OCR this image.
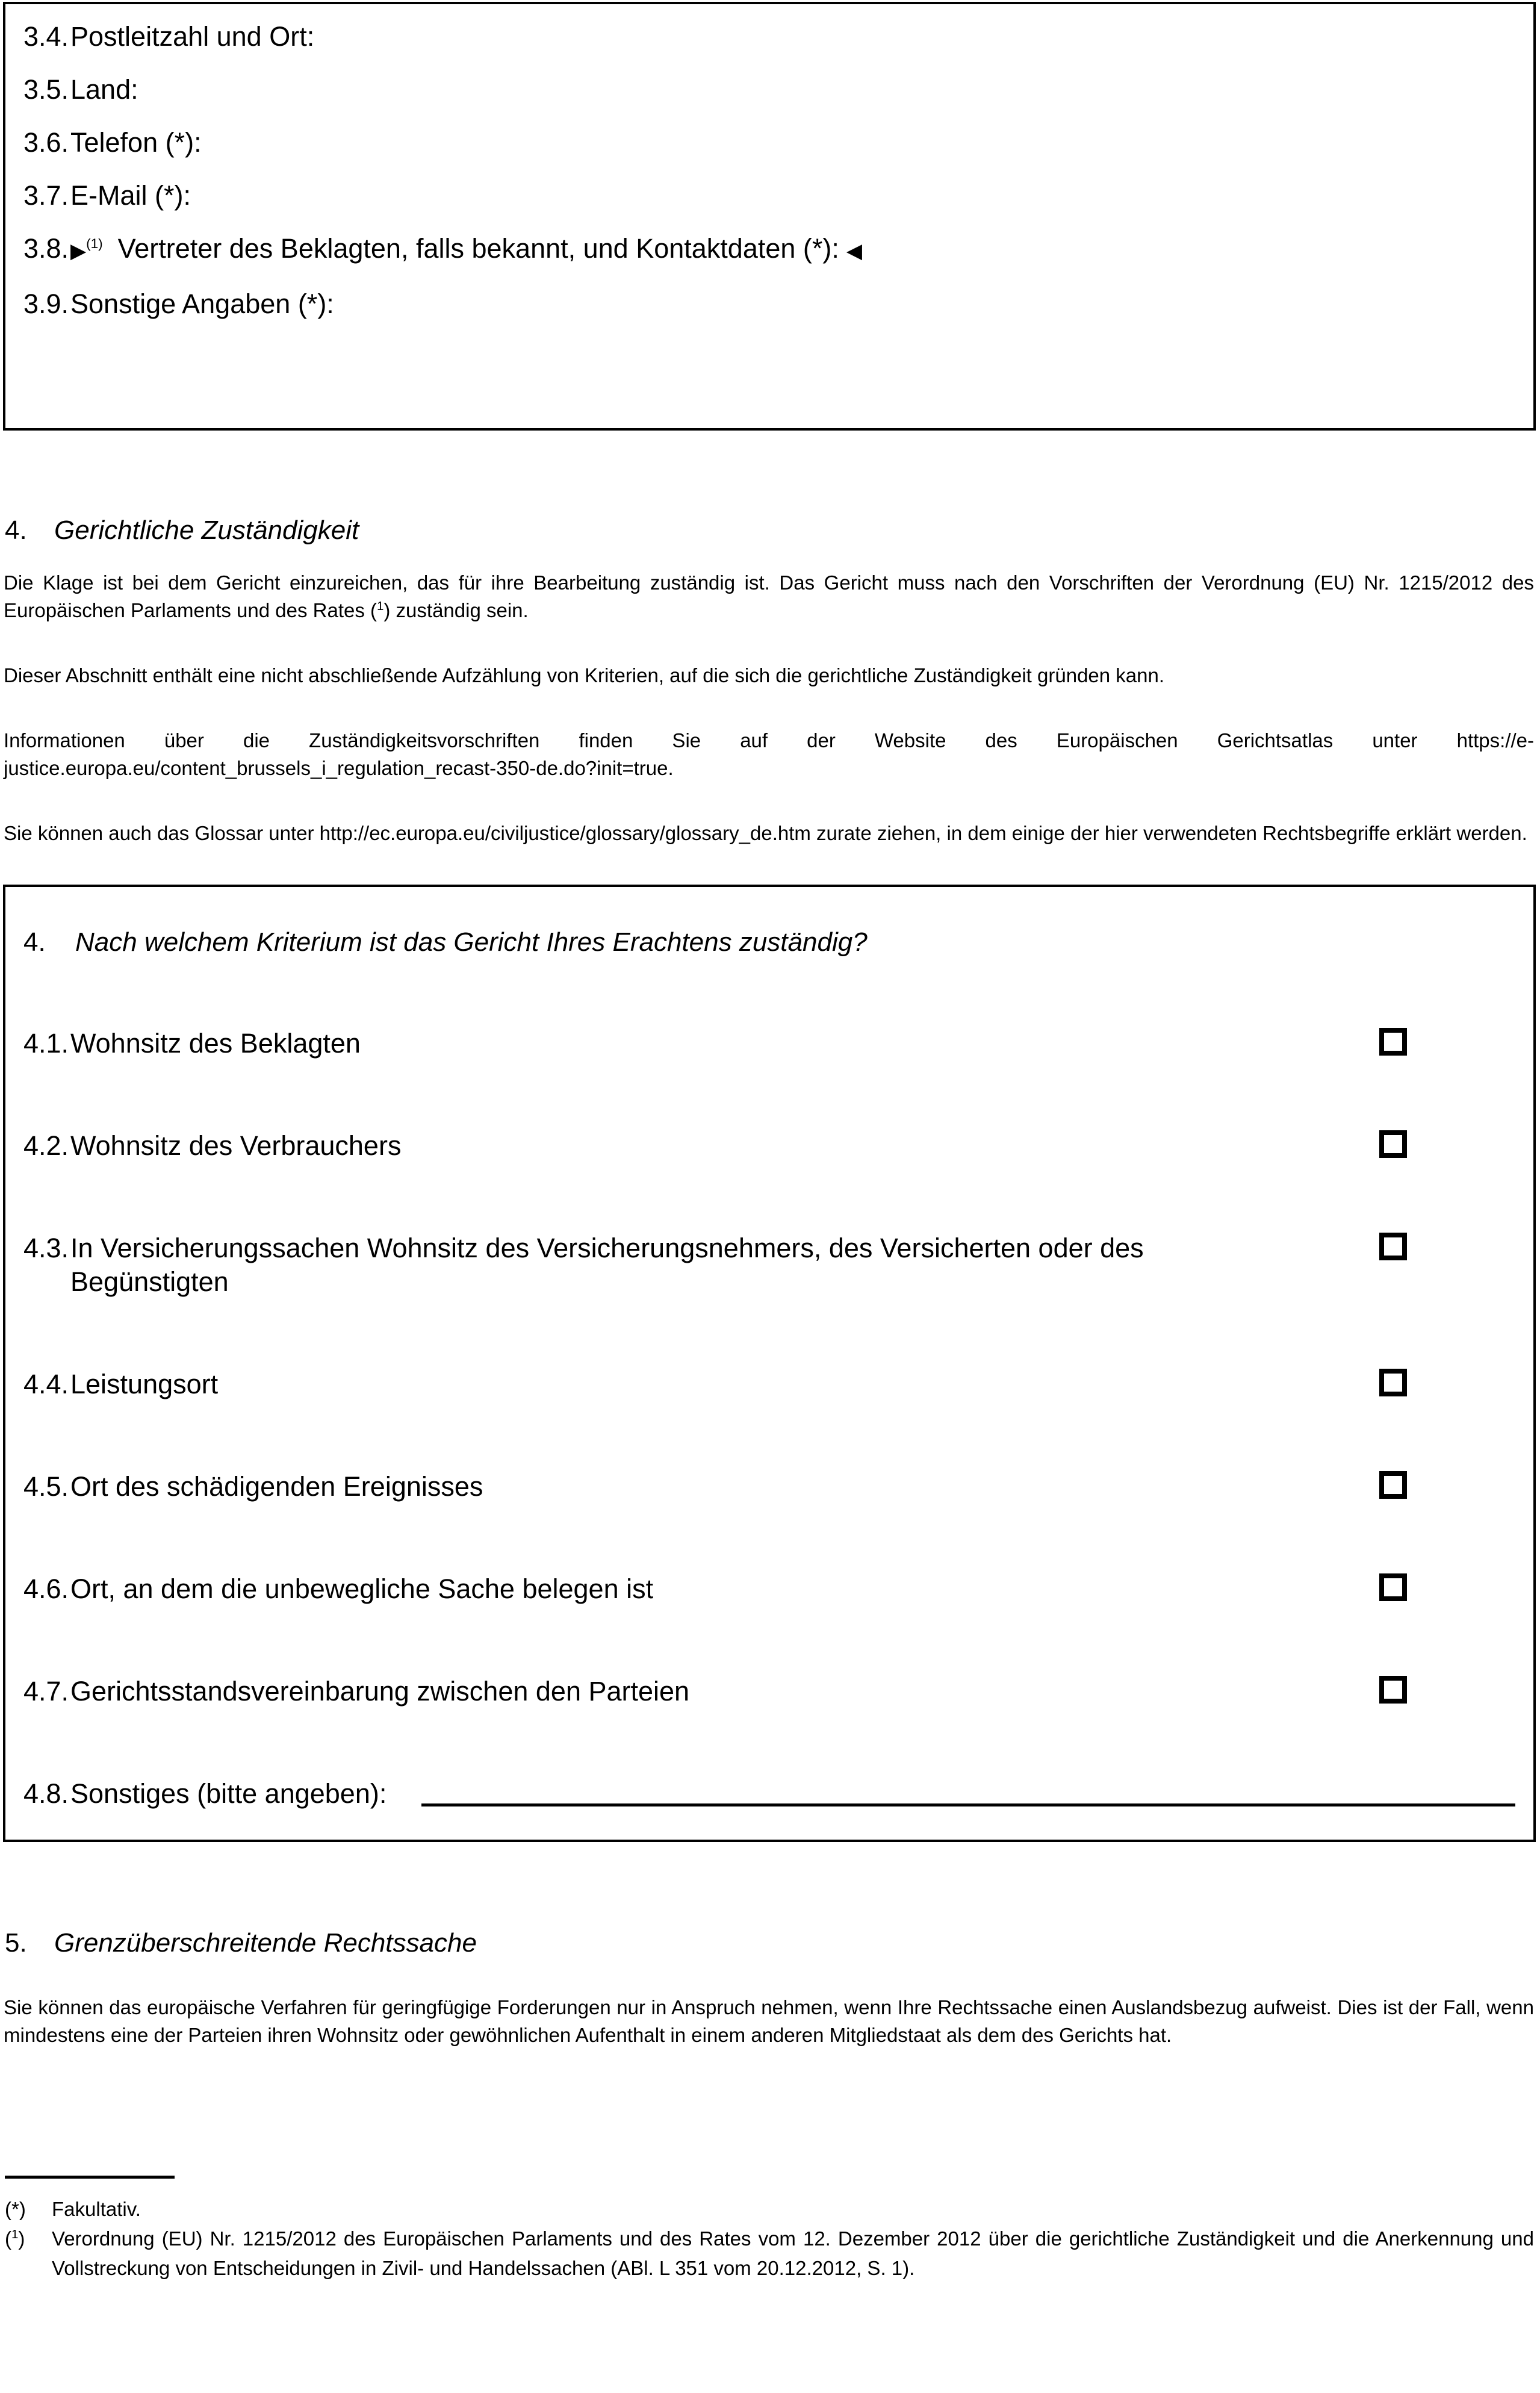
3.4. Postleitzahl und Ort:
3.5. Land:
3.6. Telefon (*):
3.7. E-Mail (*):
3.8. ▶$^{(1)}$ Vertreter des Beklagten, falls bekannt, und Kontaktdaten (*): ◀
3.9. Sonstige Angaben (*):
4.	Gerichtliche Zuständigkeit

Die Klage ist bei dem Gericht einzureichen, das für ihre Bearbeitung zuständig ist. Das Gericht muss nach den Vorschriften der Verordnung (EU) Nr. 1215/2012 des Europäischen Parlaments und des Rates ($^1$) zuständig sein.

Dieser Abschnitt enthält eine nicht abschließende Aufzählung von Kriterien, auf die sich die gerichtliche Zuständigkeit gründen kann.

Informationen über die Zuständigkeitsvorschriften finden Sie auf der Website des Europäischen Gerichtsatlas unter https://e-justice.europa.eu/content_brussels_i_regulation_recast-350-de.do?init=true.

Sie können auch das Glossar unter http://ec.europa.eu/civiljustice/glossary/glossary_de.htm zurate ziehen, in dem einige der hier verwendeten Rechtsbegriffe erklärt werden.

4.	Nach welchem Kriterium ist das Gericht Ihres Erachtens zuständig?
4.1. Wohnsitz des Beklagten
4.2. Wohnsitz des Verbrauchers
4.3. In Versicherungssachen Wohnsitz des Versicherungsnehmers, des Versicherten oder des Begünstigten
4.4. Leistungsort
4.5. Ort des schädigenden Ereignisses
4.6. Ort, an dem die unbewegliche Sache belegen ist
4.7. Gerichtsstandsvereinbarung zwischen den Parteien
4.8. Sonstiges (bitte angeben):
5.	Grenzüberschreitende Rechtssache

Sie können das europäische Verfahren für geringfügige Forderungen nur in Anspruch nehmen, wenn Ihre Rechtssache einen Auslandsbezug aufweist. Dies ist der Fall, wenn mindestens eine der Parteien ihren Wohnsitz oder gewöhnlichen Aufenthalt in einem anderen Mitgliedstaat als dem des Gerichts hat.

(*)	Fakultativ.
($^1$)	Verordnung (EU) Nr. 1215/2012 des Europäischen Parlaments und des Rates vom 12. Dezember 2012 über die gerichtliche Zuständigkeit und die Anerkennung und Vollstreckung von Entscheidungen in Zivil- und Handelssachen (ABl. L 351 vom 20.12.2012, S. 1).
